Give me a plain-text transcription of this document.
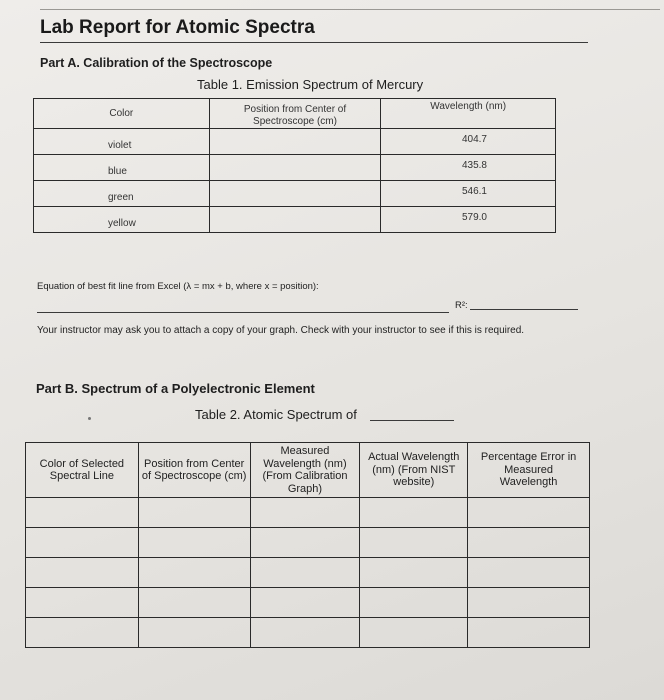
Lab Report for Atomic Spectra
Part A. Calibration of the Spectroscope
Table 1. Emission Spectrum of Mercury
Color	Position from Center of Spectroscope (cm)	Wavelength (nm)

violet		404.7

blue		435.8

green		546.1

yellow		579.0
Equation of best fit line from Excel (λ = mx + b, where x = position):
R²:
Your instructor may ask you to attach a copy of your graph. Check with your instructor to see if this is required.
Part B. Spectrum of a Polyelectronic Element
Table 2. Atomic Spectrum of
Color of Selected Spectral Line	Position from Center of Spectroscope (cm)	Measured Wavelength (nm) (From Calibration Graph)	Actual Wavelength (nm) (From NIST website)	Percentage Error in Measured Wavelength
